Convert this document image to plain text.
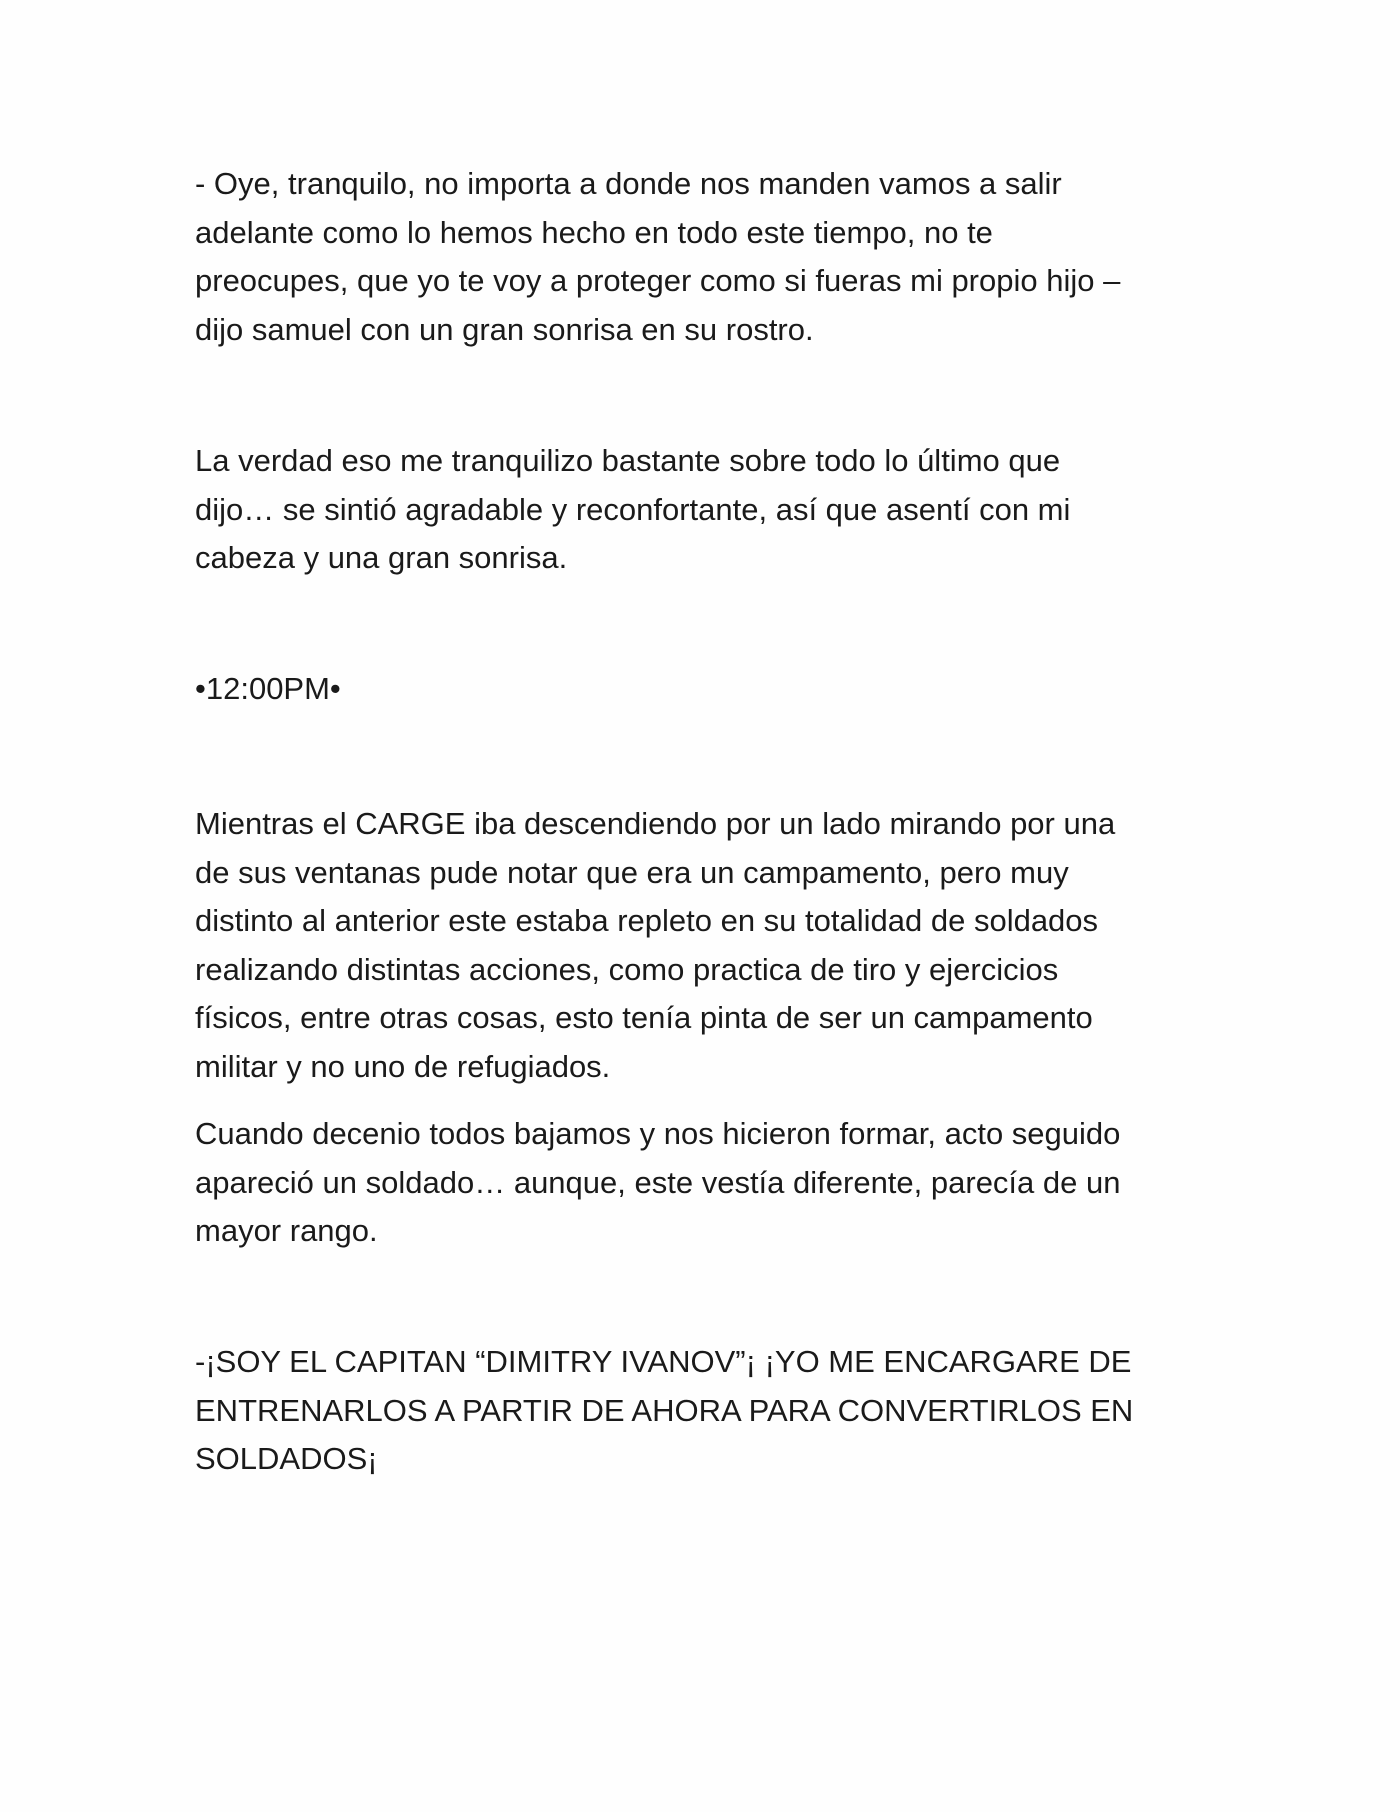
- Oye, tranquilo, no importa a donde nos manden vamos a salir
adelante como lo hemos hecho en todo este tiempo, no te
preocupes, que yo te voy a proteger como si fueras mi propio hijo –
dijo samuel con un gran sonrisa en su rostro.

La verdad eso me tranquilizo bastante sobre todo lo último que
dijo… se sintió agradable y reconfortante, así que asentí con mi
cabeza y una gran sonrisa.

•12:00PM•

Mientras el CARGE iba descendiendo por un lado mirando por una
de sus ventanas pude notar que era un campamento, pero muy
distinto al anterior este estaba repleto en su totalidad de soldados
realizando distintas acciones, como practica de tiro y ejercicios
físicos, entre otras cosas, esto tenía pinta de ser un campamento
militar y no uno de refugiados.

Cuando decenio todos bajamos y nos hicieron formar, acto seguido
apareció un soldado… aunque, este vestía diferente, parecía de un
mayor rango.

-¡SOY EL CAPITAN “DIMITRY IVANOV”¡ ¡YO ME ENCARGARE DE
ENTRENARLOS A PARTIR DE AHORA PARA CONVERTIRLOS EN
SOLDADOS¡
